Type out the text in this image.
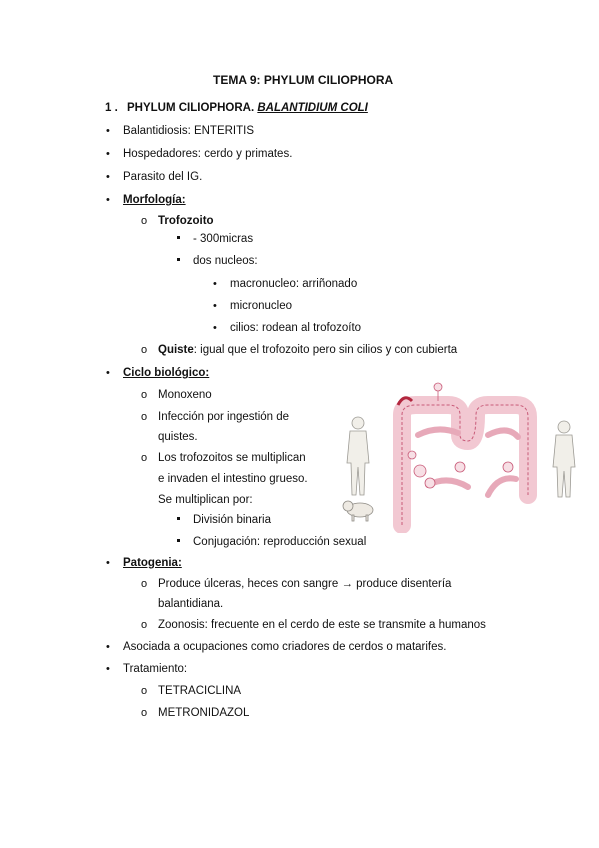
TEMA 9: PHYLUM CILIOPHORA
1 . PHYLUM CILIOPHORA. BALANTIDIUM COLI
• Balantidiosis: ENTERITIS
• Hospedadores: cerdo y primates.
• Parasito del IG.
• Morfología:
o Trofozoito
- 300micras
dos nucleos:
• macronucleo: arriñonado
• micronucleo
• cilios: rodean al trofozoíto
o Quiste: igual que el trofozoito pero sin cilios y con cubierta
• Ciclo biológico:
o Monoxeno
o Infección por ingestión de
quistes.
o Los trofozoitos se multiplican
e invaden el intestino grueso.
Se multiplican por:
División binaria
Conjugación: reproducción sexual
• Patogenia:
o Produce úlceras, heces con sangre → produce disentería
balantidiana.
o Zoonosis: frecuente en el cerdo de este se transmite a humanos
• Asociada a ocupaciones como criadores de cerdos o matarifes.
• Tratamiento:
o TETRACICLINA
o METRONIDAZOL
